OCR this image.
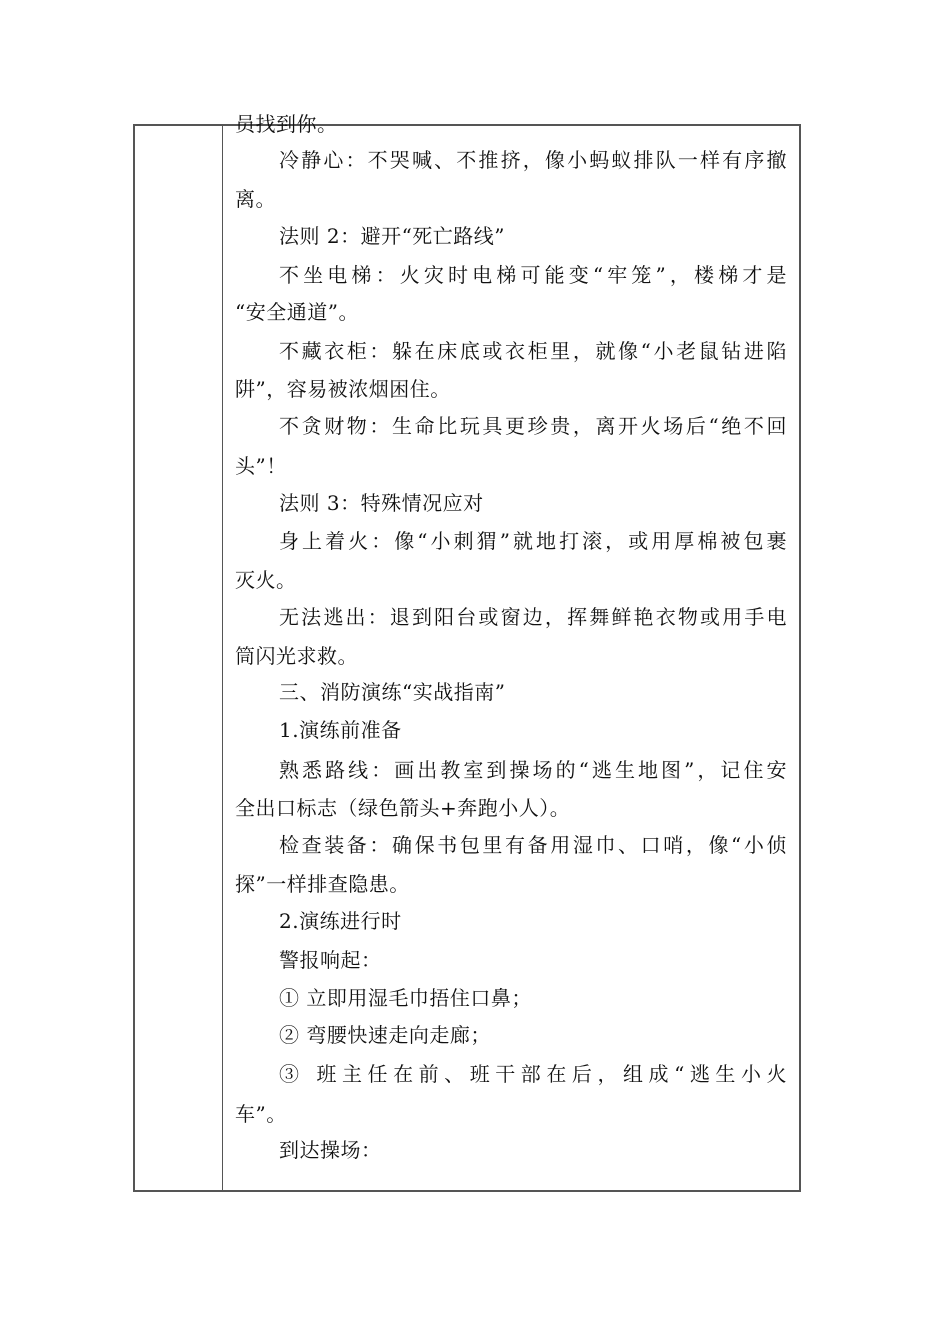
员找到你。
冷静心：不哭喊、不推挤，像小蚂蚁排队一样有序撤
离。
法则 2：避开“死亡路线”
不坐电梯：火灾时电梯可能变“牢笼”，楼梯才是
“安全通道”。
不藏衣柜：躲在床底或衣柜里，就像“小老鼠钻进陷
阱”，容易被浓烟困住。
不贪财物：生命比玩具更珍贵，离开火场后“绝不回
头”！
法则 3：特殊情况应对
身上着火：像“小刺猬”就地打滚，或用厚棉被包裹
灭火。
无法逃出：退到阳台或窗边，挥舞鲜艳衣物或用手电
筒闪光求救。
三、消防演练“实战指南”
1.演练前准备
熟悉路线：画出教室到操场的“逃生地图”，记住安
全出口标志（绿色箭头+奔跑小人）。
检查装备：确保书包里有备用湿巾、口哨，像“小侦
探”一样排查隐患。
2.演练进行时
警报响起：
① 立即用湿毛巾捂住口鼻；
② 弯腰快速走向走廊；
③ 班主任在前、班干部在后，组成“逃生小火
车”。
到达操场：
